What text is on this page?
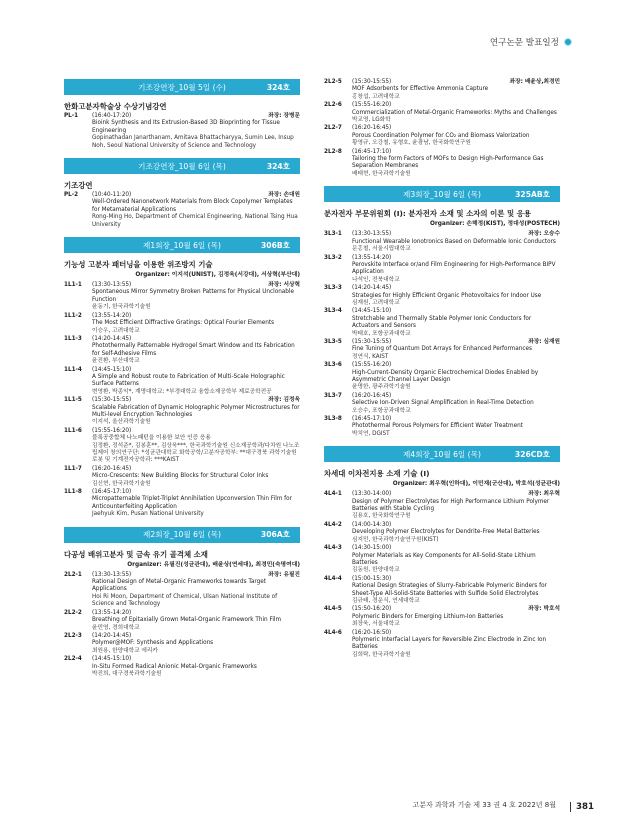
연구논문 발표일정
기조강연장_10월 5일 (수)	324호
한화고분자학술상 수상기념강연
PL-1	(16:40-17:20)	좌장: 장병문
Bioink Synthesis and Its Extrusion-Based 3D Bioprinting for Tissue Engineering
Gopinathadan Janarthanam, Amitava Bhattacharyya, Sumin Lee, Insup Noh, Seoul National University of Science and Technology
기조강연장_10월 6일 (목)	324호
기조강연
PL-2	(10:40-11:20)	좌장: 손대원
Well-Ordered Nanonetwork Materials from Block Copolymer Templates for Metamaterial Applications
Rong-Ming Ho, Department of Chemical Engineering, National Tsing Hua University
제1회장_10월 6일 (목)	306B호
기능성 고분자 패터닝을 이용한 위조방지 기술
Organizer: 이지석(UNIST), 김정욱(서강대), 서상혁(부산대)
1L1-1	(13:30-13:55)	좌장: 서상혁
Spontaneous Mirror Symmetry Broken Patterns for Physical Unclonable Function
윤동기, 한국과학기술원
1L1-2	(13:55-14:20)
The Most Efficient Diffractive Gratings: Optical Fourier Elements
이승우, 고려대학교
1L1-3	(14:20-14:45)
Photothermally Patternable Hydrogel Smart Window and Its Fabrication for Self-Adhesive Films
윤진환, 부산대학교
1L1-4	(14:45-15:10)
A Simple and Robust route to Fabrication of Multi-Scale Holographic Surface Patterns
변영환, 박종익*, 계명대학교: *부경대학교 융합소재공학부 제료공학전공
1L1-5	(15:30-15:55)	좌장: 김정욱
Scalable Fabrication of Dynamic Holographic Polymer Microstructures for Multi-level Encryption Technologies
이지석, 울산과학기술원
1L1-6	(15:55-16:20)
블록공중합체 나노패턴을 이용한 보안 인증 응용
김정환, 정석준*, 김봉훈**, 김상욱***, 한국과학기술원 신소재공학과/다차원 나노조립제어 창의연구단: *성균관대학교 화학공학/고분자공학부: **대구경북 과학기술원 로봇 및 기계전자공학과: ***KAIST
1L1-7	(16:20-16:45)
Micro-Crescents: New Building Blocks for Structural Color Inks
김신현, 한국과학기술원
1L1-8	(16:45-17:10)
Micropatternable Triplet-Triplet Annihilation Upconversion Thin Film for Anticounterfeiting Application
Jaehyuk Kim, Pusan National University
제2회장_10월 6일 (목)	306A호
다공성 배위고분자 및 금속 유기 골격체 소재
Organizer: 유필진(성균관대), 배윤상(연세대), 최경민(숙명여대)
2L2-1	(13:30-13:55)	좌장: 유필진
Rational Design of Metal-Organic Frameworks towards Target Applications
Hoi Ri Moon, Department of Chemical, Ulsan National Institute of Science and Technology
2L2-2	(13:55-14:20)
Breathing of Epitaxially Grown Metal-Organic Framework Thin Film
윤민영, 경희대학교
2L2-3	(14:20-14:45)
Polymer@MOF: Synthesis and Applications
최원용, 한양대학교 에리카
2L2-4	(14:45-15:10)
In-Situ Formed Radical Anionic Metal-Organic Frameworks
박진희, 대구경북과학기술원
2L2-5	(15:30-15:55)	좌장: 배윤상,최경민
MOF Adsorbents for Effective Ammonia Capture
홍창섭, 고려대학교
2L2-6	(15:55-16:20)
Commercialization of Metal-Organic Frameworks: Myths and Challenges
박교영, LG화학
2L2-7	(16:20-16:45)
Porous Coordination Polymer for CO₂ and Biomass Valorization
황영규, 오강철, 유형호, 윤광남, 한국화학연구원
2L2-8	(16:45-17:10)
Tailoring the form Factors of MOFs to Design High-Performance Gas Separation Membranes
배태현, 한국과학기술원
제3회장_10월 6일 (목)	325AB호
분자전자 부문위원회 (I): 분자전자 소재 및 소자의 이론 및 응용
Organizer: 손해정(KIST), 정대성(POSTECH)
3L3-1	(13:30-13:55)	좌장: 오승수
Functional Wearable Ionotronics Based on Deformable Ionic Conductors
문홍철, 서울시립대학교
3L3-2	(13:55-14:20)
Perovskite Interface or/and Film Engineering for High-Performance BIPV Application
나석인, 전북대학교
3L3-3	(14:20-14:45)
Strategies for Highly Efficient Organic Photovoltaics for Indoor Use
심재원, 고려대학교
3L3-4	(14:45-15:10)
Stretchable and Thermally Stable Polymer Ionic Conductors for Actuators and Sensors
박태호, 포항공과대학교
3L3-5	(15:30-15:55)	좌장: 심재원
Fine Tuning of Quantum Dot Arrays for Enhanced Performances
정연식, KAIST
3L3-6	(15:55-16:20)
High-Current-Density Organic Electrochemical Diodes Enabled by Asymmetric Channel Layer Design
윤명한, 광주과학기술원
3L3-7	(16:20-16:45)
Selective Ion-Driven Signal Amplification in Real-Time Detection
오승수, 포항공과대학교
3L3-8	(16:45-17:10)
Photothermal Porous Polymers for Efficient Water Treatment
박치연, DGIST
제4회장_10월 6일 (목)	326CD호
차세대 이차전지용 소재 기술 (I)
Organizer: 최우혁(인하대), 이민재(군산대), 박호석(성균관대)
4L4-1	(13:30-14:00)	좌장: 최우혁
Design of Polymer Electrolytes for High Performance Lithium Polymer Batteries with Stable Cycling
김용호, 한국화학연구원
4L4-2	(14:00-14:30)
Developing Polymer Electrolytes for Dendrite-Free Metal Batteries
심지민, 한국과학기술연구원(KIST)
4L4-3	(14:30-15:00)
Polymer Materials as Key Components for All-Solid-State Lithium Batteries
김동원, 한양대학교
4L4-4	(15:00-15:30)
Rational Design Strategies of Slurry-Fabricable Polymeric Binders for Sheet-Type All-Solid-State Batteries with Sulfide Solid Electrolytes
김규태, 경운식, 연세대학교
4L4-5	(15:50-16:20)	좌장: 박호석
Polymeric Binders for Emerging Lithium-Ion Batteries
최장욱, 서울대학교
4L4-6	(16:20-16:50)
Polymeric Interfacial Layers for Reversible Zinc Electrode in Zinc Ion Batteries
김희탁, 한국과학기술원
고분자 과학과 기술 제 33 권 4 호 2022년 8월	381
